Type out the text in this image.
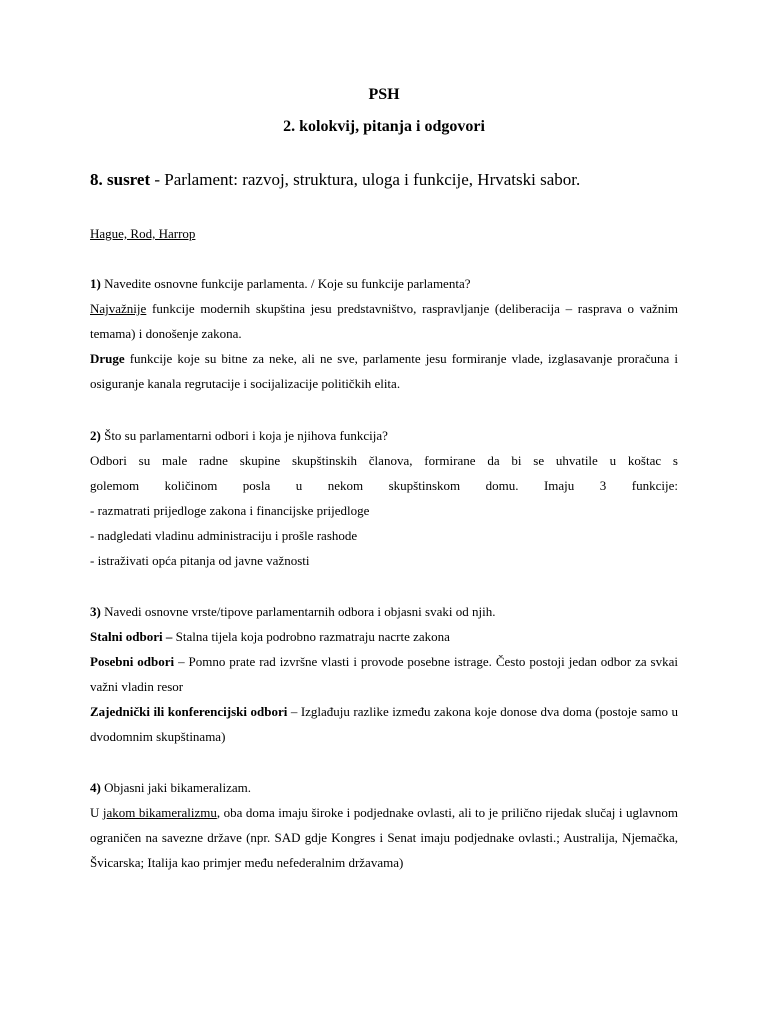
PSH
2. kolokvij, pitanja i odgovori
8. susret - Parlament: razvoj, struktura, uloga i funkcije, Hrvatski sabor.
Hague, Rod, Harrop

1) Navedite osnovne funkcije parlamenta. / Koje su funkcije parlamenta?

Najvažnije funkcije modernih skupština jesu predstavništvo, raspravljanje (deliberacija – rasprava o važnim temama) i donošenje zakona.

Druge funkcije koje su bitne za neke, ali ne sve, parlamente jesu formiranje vlade, izglasavanje proračuna i osiguranje kanala regrutacije i socijalizacije političkih elita.

2) Što su parlamentarni odbori i koja je njihova funkcija?

Odbori su male radne skupine skupštinskih članova, formirane da bi se uhvatile u koštac s

golemom količinom posla u nekom skupštinskom domu. Imaju 3 funkcije:

- razmatrati prijedloge zakona i financijske prijedloge

- nadgledati vladinu administraciju i prošle rashode

- istraživati opća pitanja od javne važnosti

3) Navedi osnovne vrste/tipove parlamentarnih odbora i objasni svaki od njih.

Stalni odbori – Stalna tijela koja podrobno razmatraju nacrte zakona

Posebni odbori – Pomno prate rad izvršne vlasti i provode posebne istrage. Često postoji jedan odbor za svkai važni vladin resor

Zajednički ili konferencijski odbori – Izglađuju razlike između zakona koje donose dva doma (postoje samo u dvodomnim skupštinama)

4) Objasni jaki bikameralizam.

U jakom bikameralizmu, oba doma imaju široke i podjednake ovlasti, ali to je prilično rijedak slučaj i uglavnom ograničen na savezne države (npr. SAD gdje Kongres i Senat imaju podjednake ovlasti.; Australija, Njemačka, Švicarska; Italija kao primjer među nefederalnim državama)
